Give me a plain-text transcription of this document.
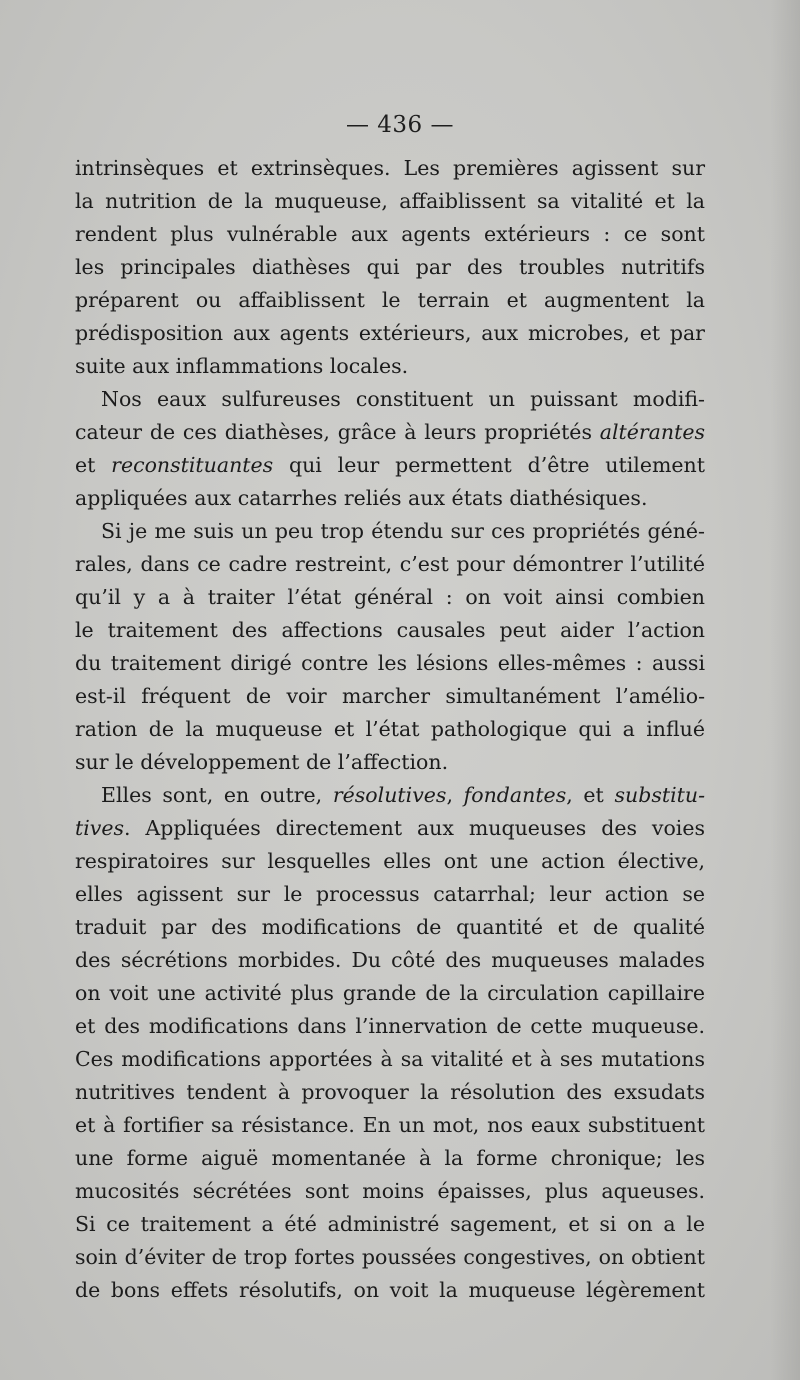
— 436 —
intrinsèques et extrinsèques. Les premières agissent sur
la nutrition de la muqueuse, affaiblissent sa vitalité et la
rendent plus vulnérable aux agents extérieurs : ce sont
les principales diathèses qui par des troubles nutritifs
préparent ou affaiblissent le terrain et augmentent la
prédisposition aux agents extérieurs, aux microbes, et par
suite aux inflammations locales.
Nos eaux sulfureuses constituent un puissant modifi-
cateur de ces diathèses, grâce à leurs propriétés altérantes
et reconstituantes qui leur permettent d’être utilement
appliquées aux catarrhes reliés aux états diathésiques.
Si je me suis un peu trop étendu sur ces propriétés géné-
rales, dans ce cadre restreint, c’est pour démontrer l’utilité
qu’il y a à traiter l’état général : on voit ainsi combien
le traitement des affections causales peut aider l’action
du traitement dirigé contre les lésions elles-mêmes : aussi
est-il fréquent de voir marcher simultanément l’amélio-
ration de la muqueuse et l’état pathologique qui a influé
sur le développement de l’affection.
Elles sont, en outre, résolutives, fondantes, et substitu-
tives. Appliquées directement aux muqueuses des voies
respiratoires sur lesquelles elles ont une action élective,
elles agissent sur le processus catarrhal; leur action se
traduit par des modifications de quantité et de qualité
des sécrétions morbides. Du côté des muqueuses malades
on voit une activité plus grande de la circulation capillaire
et des modifications dans l’innervation de cette muqueuse.
Ces modifications apportées à sa vitalité et à ses mutations
nutritives tendent à provoquer la résolution des exsudats
et à fortifier sa résistance. En un mot, nos eaux substituent
une forme aiguë momentanée à la forme chronique; les
mucosités sécrétées sont moins épaisses, plus aqueuses.
Si ce traitement a été administré sagement, et si on a le
soin d’éviter de trop fortes poussées congestives, on obtient
de bons effets résolutifs, on voit la muqueuse légèrement
